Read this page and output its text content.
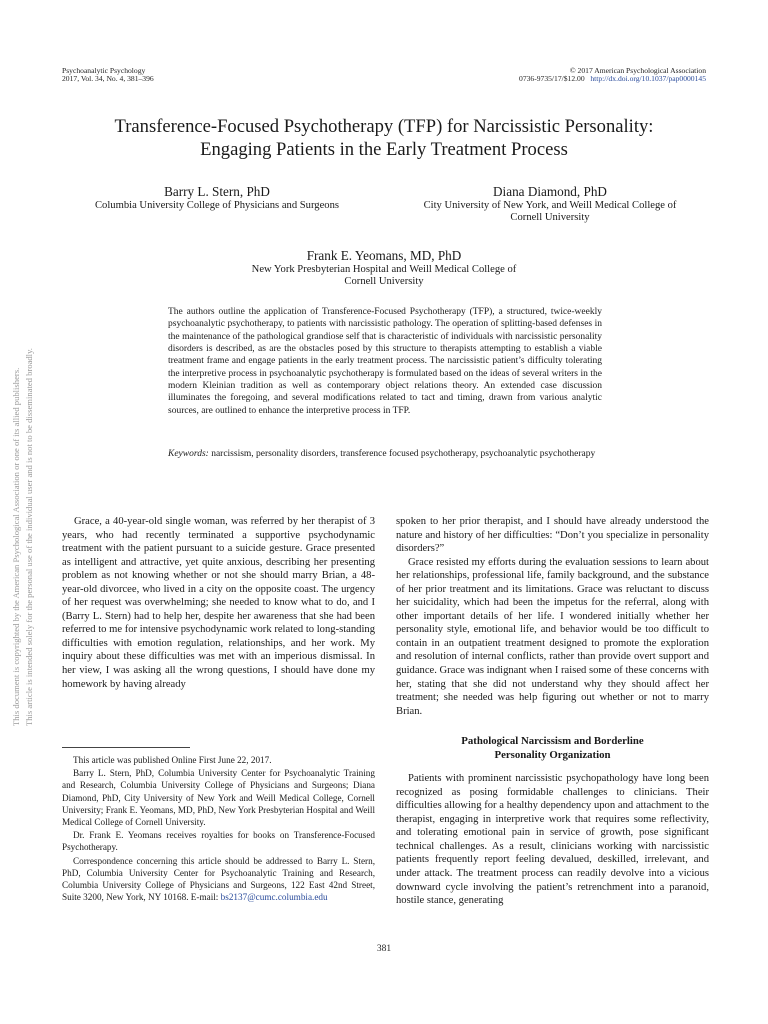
Psychoanalytic Psychology
2017, Vol. 34, No. 4, 381–396
© 2017 American Psychological Association
0736-9735/17/$12.00 http://dx.doi.org/10.1037/pap0000145
Transference-Focused Psychotherapy (TFP) for Narcissistic Personality:
Engaging Patients in the Early Treatment Process
Barry L. Stern, PhD
Columbia University College of Physicians and Surgeons
Diana Diamond, PhD
City University of New York, and Weill Medical College of
Cornell University
Frank E. Yeomans, MD, PhD
New York Presbyterian Hospital and Weill Medical College of
Cornell University
The authors outline the application of Transference-Focused Psychotherapy (TFP), a structured, twice-weekly psychoanalytic psychotherapy, to patients with narcissistic pathology. The operation of splitting-based defenses in the maintenance of the pathological grandiose self that is characteristic of individuals with narcissistic personality disorders is described, as are the obstacles posed by this structure to therapists attempting to establish a viable treatment frame and engage patients in the early treatment process. The narcissistic patient’s difficulty tolerating the interpretive process in psychoanalytic psychotherapy is formulated based on the ideas of several writers in the modern Kleinian tradition as well as contemporary object relations theory. An extended case discussion illuminates the foregoing, and several modifications related to tact and timing, drawn from various analytic sources, are outlined to enhance the interpretive process in TFP.
Keywords: narcissism, personality disorders, transference focused psychotherapy, psychoanalytic psychotherapy
This document is copyrighted by the American Psychological Association or one of its allied publishers. This article is intended solely for the personal use of the individual user and is not to be disseminated broadly.	Grace, a 40-year-old single woman, was referred by her therapist of 3 years, who had recently terminated a supportive psychodynamic treatment with the patient pursuant to a suicide gesture. Grace presented as intelligent and attractive, yet quite anxious, describing her presenting problem as not knowing whether or not she should marry Brian, a 48-year-old divorcee, who lived in a city on the opposite coast. The urgency of her request was overwhelming; she needed to know what to do, and I (Barry L. Stern) had to help her, despite her awareness that she had been referred to me for intensive psychodynamic work related to long-standing difficulties with emotion regulation, relationships, and her work. My inquiry about these difficulties was met with an imperious dismissal. In her view, I was asking all the wrong questions, I should have done my homework by having already

spoken to her prior therapist, and I should have already understood the nature and history of her difficulties: “Don’t you specialize in personality disorders?”

Grace resisted my efforts during the evaluation sessions to learn about her relationships, professional life, family background, and the substance of her prior treatment and its limitations. Grace was reluctant to discuss her suicidality, which had been the impetus for the referral, along with other important details of her life. I wondered initially whether her personality style, emotional life, and behavior would be too difficult to contain in an outpatient treatment designed to promote the exploration and resolution of internal conflicts, rather than provide overt support and guidance. Grace was indignant when I raised some of these concerns with her, stating that she did not understand why they should affect her treatment; she needed was help figuring out whether or not to marry Brian.

Pathological Narcissism and Borderline
Personality Organization

Patients with prominent narcissistic psychopathology have long been recognized as posing formidable challenges to clinicians. Their difficulties allowing for a healthy dependency upon and attachment to the therapist, engaging in interpretive work that requires some reflectivity, and tolerating emotional pain in service of growth, pose significant technical challenges. As a result, clinicians working with narcissistic patients frequently report feeling devalued, deskilled, irrelevant, and under attack. The treatment process can readily devolve into a vicious downward cycle involving the patient’s retrenchment into a paranoid, hostile stance, generating

This article was published Online First June 22, 2017.

Barry L. Stern, PhD, Columbia University Center for Psychoanalytic Training and Research, Columbia University College of Physicians and Surgeons; Diana Diamond, PhD, City University of New York and Weill Medical College, Cornell University; Frank E. Yeomans, MD, PhD, New York Presbyterian Hospital and Weill Medical College of Cornell University.

Dr. Frank E. Yeomans receives royalties for books on Transference-Focused Psychotherapy.

Correspondence concerning this article should be addressed to Barry L. Stern, PhD, Columbia University Center for Psychoanalytic Training and Research, Columbia University College of Physicians and Surgeons, 122 East 42nd Street, Suite 3200, New York, NY 10168. E-mail: bs2137@cumc.columbia.edu

381
